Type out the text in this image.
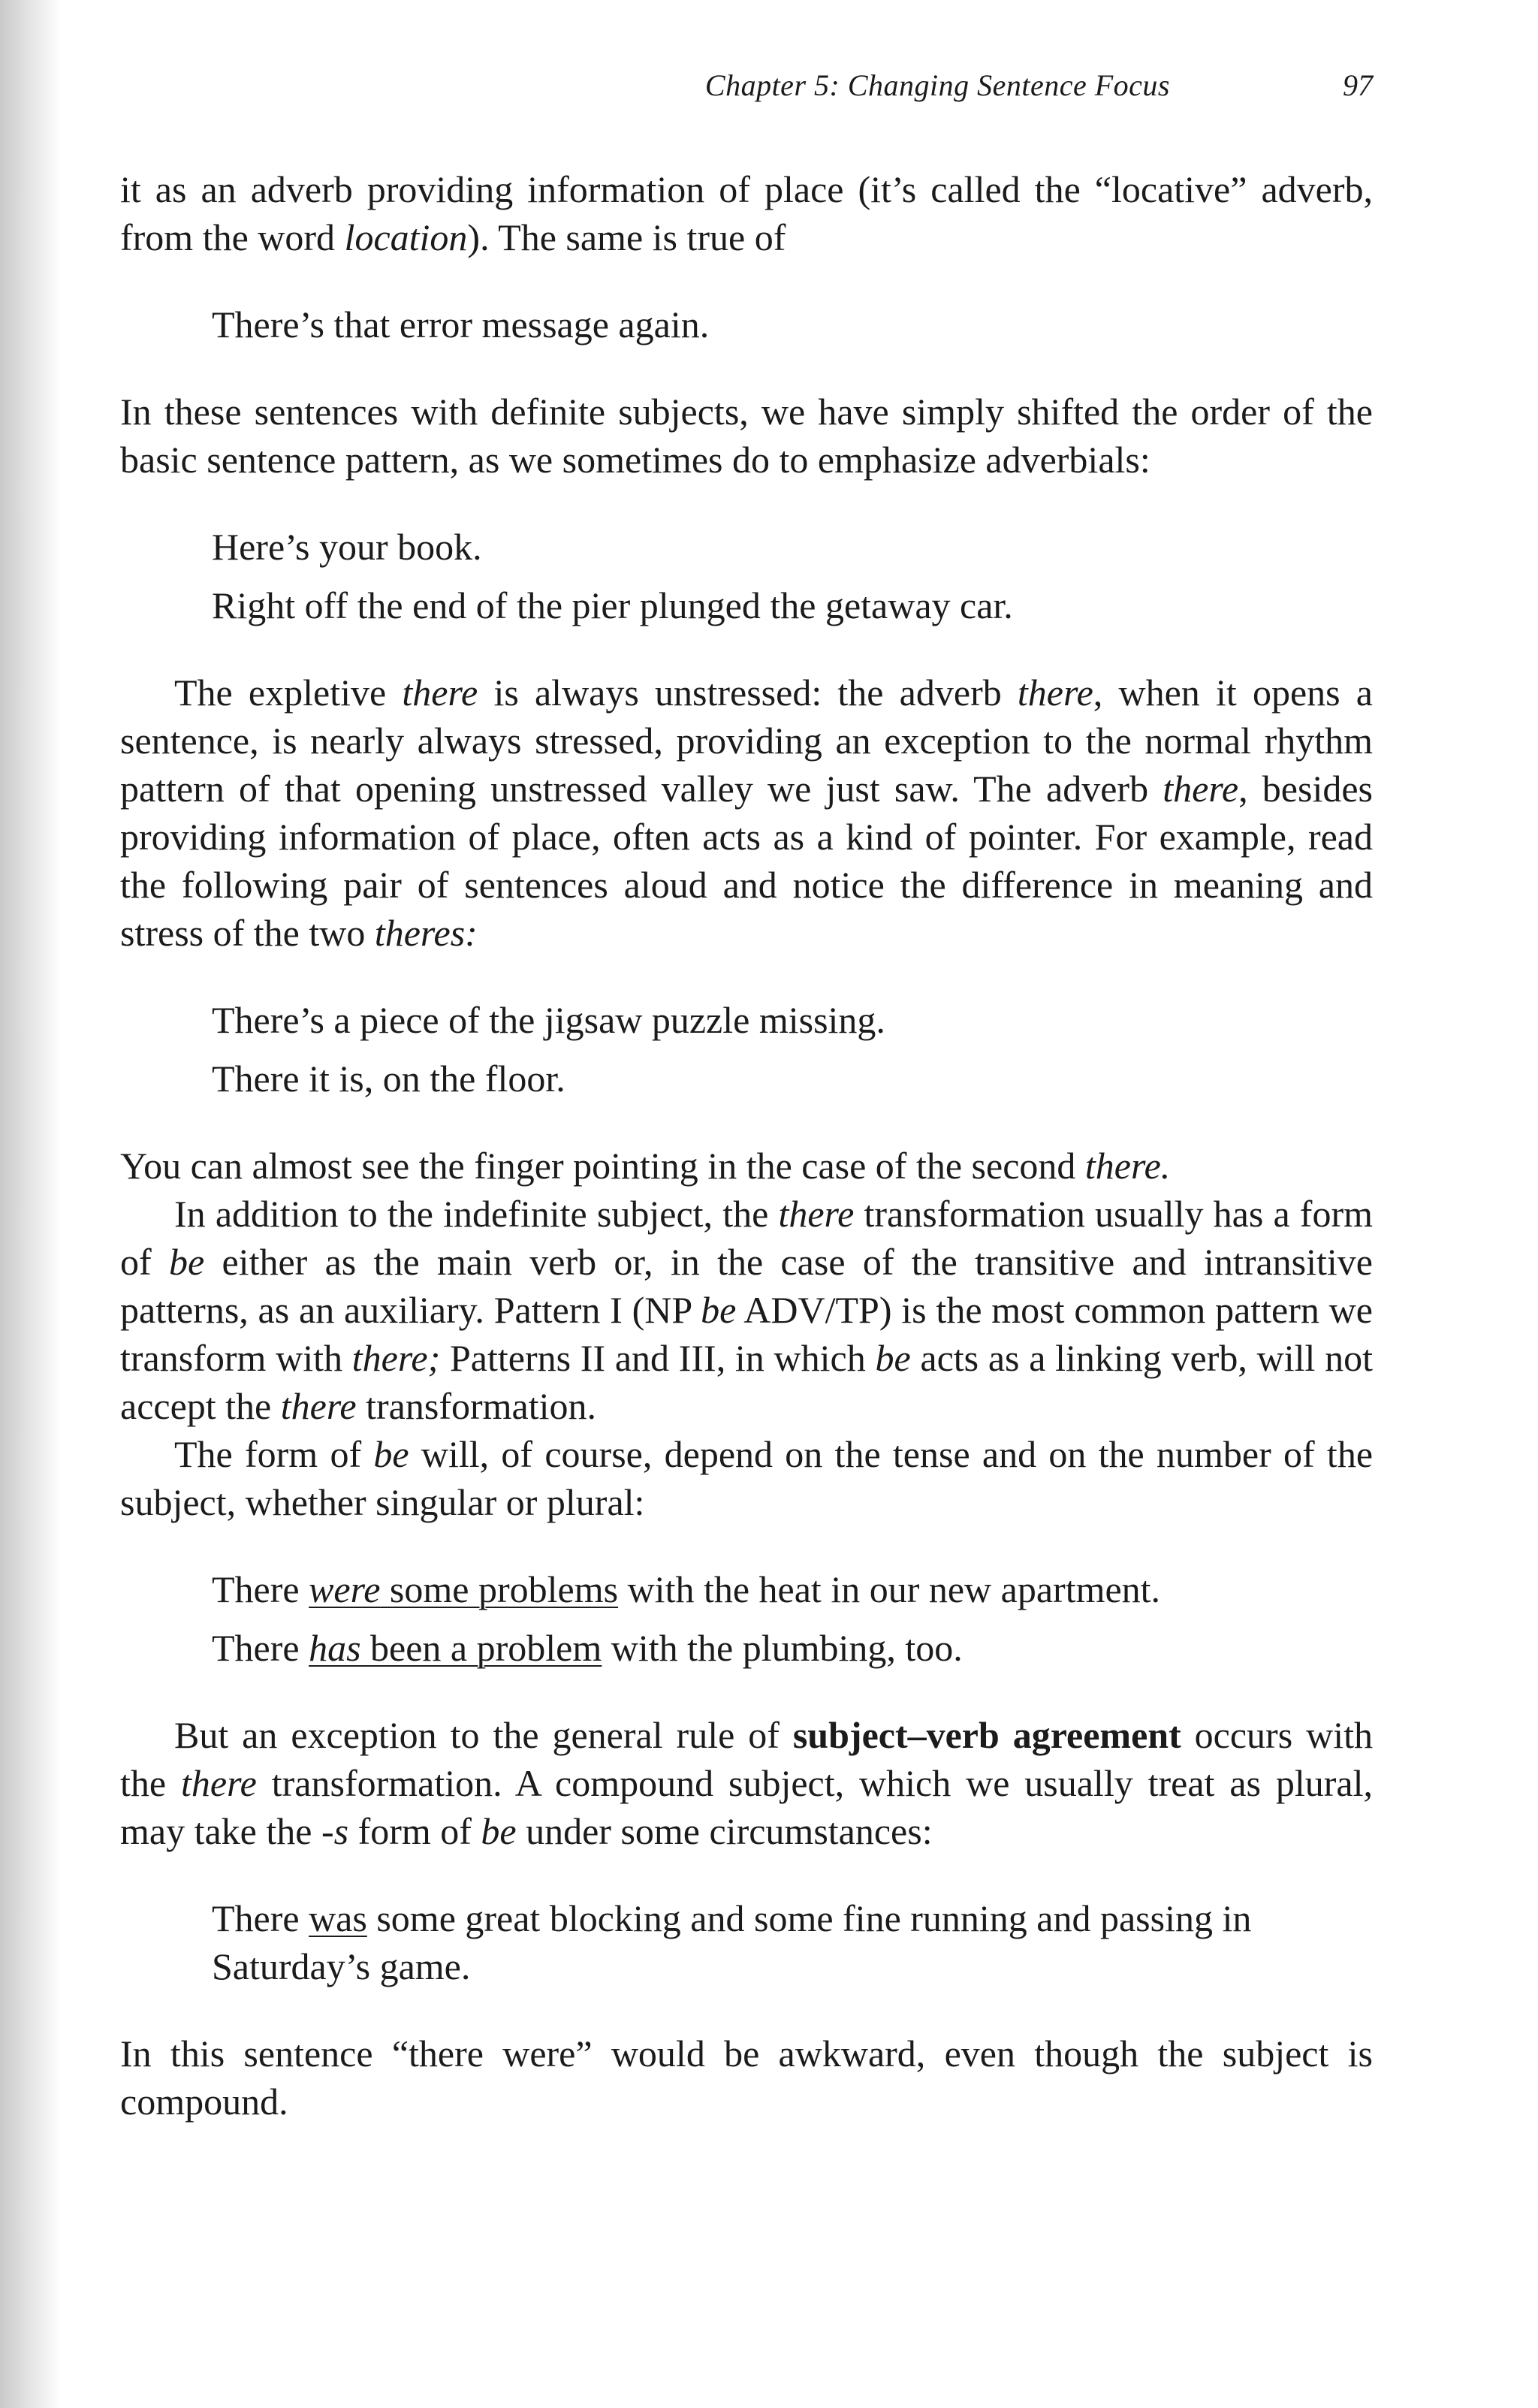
Chapter 5: Changing Sentence Focus	97

it as an adverb providing information of place (it’s called the “locative” adverb, from the word location). The same is true of

There’s that error message again.

In these sentences with definite subjects, we have simply shifted the order of the basic sentence pattern, as we sometimes do to emphasize adverbials:

Here’s your book.

Right off the end of the pier plunged the getaway car.

The expletive there is always unstressed: the adverb there, when it opens a sentence, is nearly always stressed, providing an exception to the normal rhythm pattern of that opening unstressed valley we just saw. The adverb there, besides providing information of place, often acts as a kind of pointer. For example, read the following pair of sentences aloud and notice the difference in meaning and stress of the two theres:

There’s a piece of the jigsaw puzzle missing.

There it is, on the floor.

You can almost see the finger pointing in the case of the second there.

In addition to the indefinite subject, the there transformation usually has a form of be either as the main verb or, in the case of the transitive and intransitive patterns, as an auxiliary. Pattern I (NP be ADV/TP) is the most common pattern we transform with there; Patterns II and III, in which be acts as a linking verb, will not accept the there transformation.

The form of be will, of course, depend on the tense and on the number of the subject, whether singular or plural:

There were some problems with the heat in our new apartment.

There has been a problem with the plumbing, too.

But an exception to the general rule of subject–verb agreement occurs with the there transformation. A compound subject, which we usually treat as plural, may take the -s form of be under some circumstances:

There was some great blocking and some fine running and passing in Saturday’s game.

In this sentence “there were” would be awkward, even though the subject is compound.
